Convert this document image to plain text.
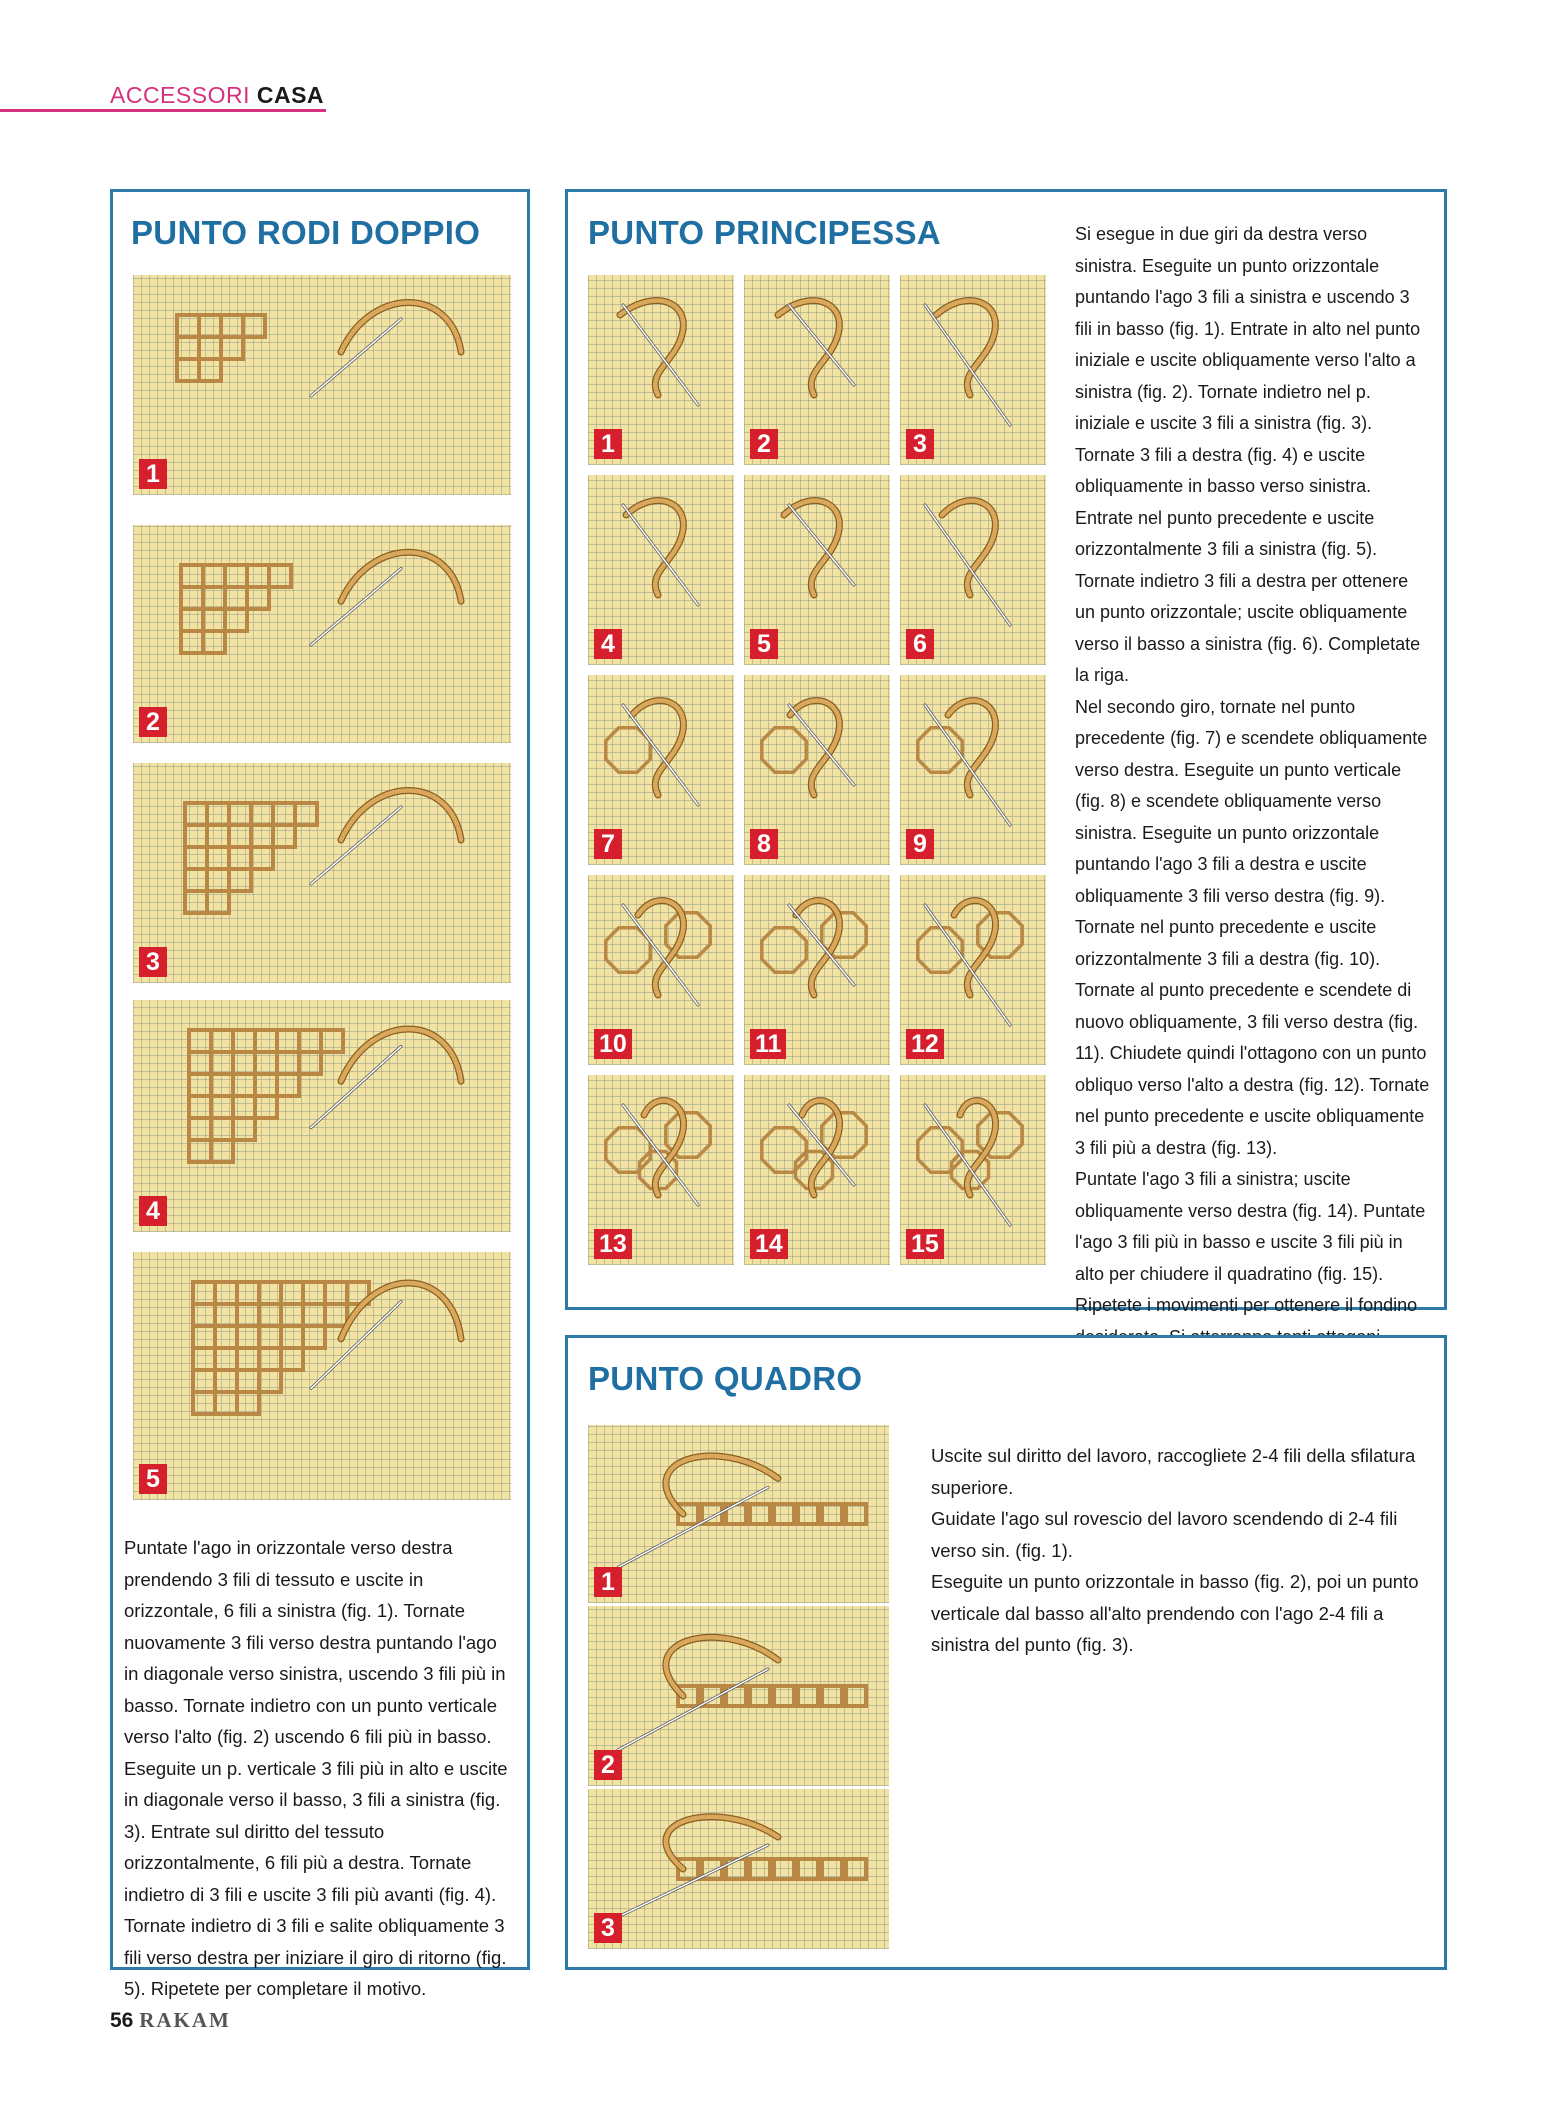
ACCESSORI CASA
PUNTO RODI DOPPIO
1
2
3
4
5

Puntate l'ago in orizzontale verso destra prendendo 3 fili di tessuto e uscite in orizzontale, 6 fili a sinistra (fig. 1). Tornate nuovamente 3 fili verso destra puntando l'ago in diagonale verso sinistra, uscendo 3 fili più in basso. Tornate indietro con un punto verticale verso l'alto (fig. 2) uscendo 6 fili più in basso. Eseguite un p. verticale 3 fili più in alto e uscite in diagonale verso il basso, 3 fili a sinistra (fig. 3). Entrate sul diritto del tessuto orizzontalmente, 6 fili più a destra. Tornate indietro di 3 fili e uscite 3 fili più avanti (fig. 4). Tornate indietro di 3 fili e salite obliquamente 3 fili verso destra per iniziare il giro di ritorno (fig. 5). Ripetete per completare il motivo.

PUNTO PRINCIPESSA
1	2	3
4	5	6
7	8	9
10	11	12
13	14	15

Si esegue in due giri da destra verso sinistra. Eseguite un punto orizzontale puntando l'ago 3 fili a sinistra e uscendo 3 fili in basso (fig. 1). Entrate in alto nel punto iniziale e uscite obliquamente verso l'alto a sinistra (fig. 2). Tornate indietro nel p. iniziale e uscite 3 fili a sinistra (fig. 3). Tornate 3 fili a destra (fig. 4) e uscite obliquamente in basso verso sinistra. Entrate nel punto precedente e uscite orizzontalmente 3 fili a sinistra (fig. 5). Tornate indietro 3 fili a destra per ottenere un punto orizzontale; uscite obliquamente verso il basso a sinistra (fig. 6). Completate la riga.

Nel secondo giro, tornate nel punto precedente (fig. 7) e scendete obliquamente verso destra. Eseguite un punto verticale (fig. 8) e scendete obliquamente verso sinistra. Eseguite un punto orizzontale puntando l'ago 3 fili a destra e uscite obliquamente 3 fili verso destra (fig. 9). Tornate nel punto precedente e uscite orizzontalmente 3 fili a destra (fig. 10). Tornate al punto precedente e scendete di nuovo obliquamente, 3 fili verso destra (fig. 11). Chiudete quindi l'ottagono con un punto obliquo verso l'alto a destra (fig. 12). Tornate nel punto precedente e uscite obliquamente 3 fili più a destra (fig. 13).

Puntate l'ago 3 fili a sinistra; uscite obliquamente verso destra (fig. 14). Puntate l'ago 3 fili più in basso e uscite 3 fili più in alto per chiudere il quadratino (fig. 15).

Ripetete i movimenti per ottenere il fondino

PUNTO QUADRO
1
2
3

Uscite sul diritto del lavoro, raccogliete 2-4 fili della sfilatura superiore.

Guidate l'ago sul rovescio del lavoro scendendo di 2-4 fili verso sin. (fig. 1).

Eseguite un punto orizzontale in basso (fig. 2), poi un punto verticale dal basso all'alto prendendo con l'ago 2-4 fili a sinistra del punto (fig. 3).

56 RAKAM
